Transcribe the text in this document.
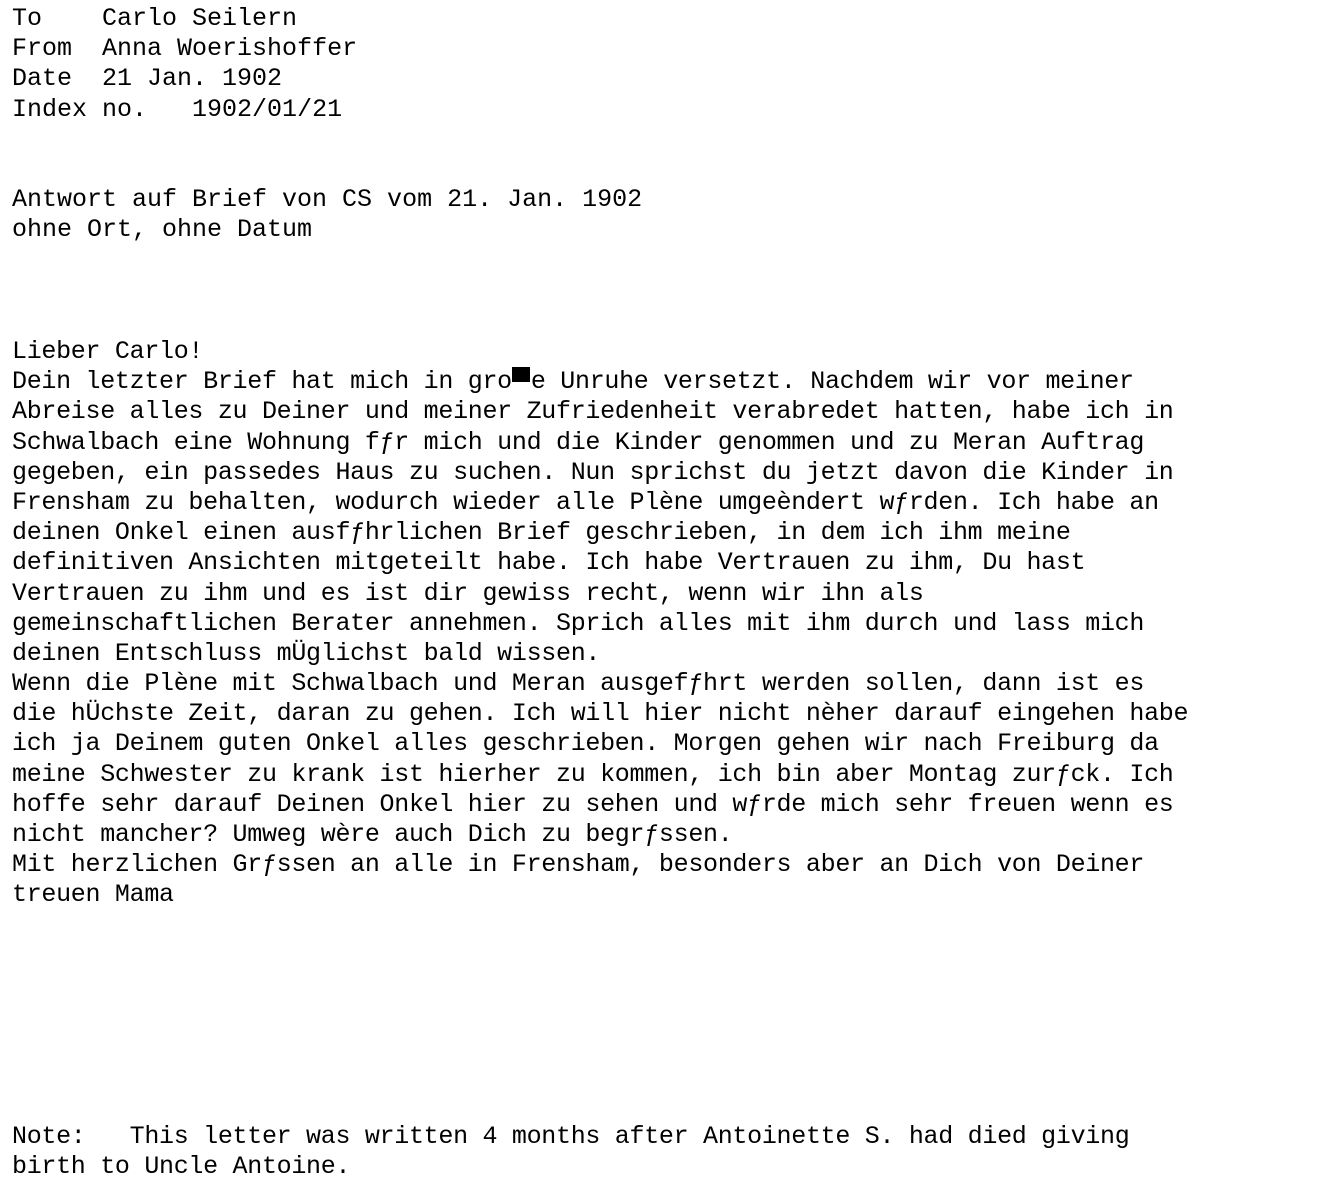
To Carlo Seilern
From Anna Woerishoffer
Date 21 Jan. 1902
Index no. 1902/01/21
Antwort auf Brief von CS vom 21. Jan. 1902
ohne Ort, ohne Datum
Lieber Carlo!
Dein letzter Brief hat mich in gro e Unruhe versetzt. Nachdem wir vor meiner
Abreise alles zu Deiner und meiner Zufriedenheit verabredet hatten, habe ich in
Schwalbach eine Wohnung fƒr mich und die Kinder genommen und zu Meran Auftrag
gegeben, ein passedes Haus zu suchen. Nun sprichst du jetzt davon die Kinder in
Frensham zu behalten, wodurch wieder alle Plène umgeèndert wƒrden. Ich habe an
deinen Onkel einen ausfƒhrlichen Brief geschrieben, in dem ich ihm meine
definitiven Ansichten mitgeteilt habe. Ich habe Vertrauen zu ihm, Du hast
Vertrauen zu ihm und es ist dir gewiss recht, wenn wir ihn als
gemeinschaftlichen Berater annehmen. Sprich alles mit ihm durch und lass mich
deinen Entschluss mÜglichst bald wissen.
Wenn die Plène mit Schwalbach und Meran ausgefƒhrt werden sollen, dann ist es
die hÜchste Zeit, daran zu gehen. Ich will hier nicht nèher darauf eingehen habe
ich ja Deinem guten Onkel alles geschrieben. Morgen gehen wir nach Freiburg da
meine Schwester zu krank ist hierher zu kommen, ich bin aber Montag zurƒck. Ich
hoffe sehr darauf Deinen Onkel hier zu sehen und wƒrde mich sehr freuen wenn es
nicht mancher? Umweg wère auch Dich zu begrƒssen.
Mit herzlichen Grƒssen an alle in Frensham, besonders aber an Dich von Deiner
treuen Mama
Note: This letter was written 4 months after Antoinette S. had died giving
birth to Uncle Antoine.
